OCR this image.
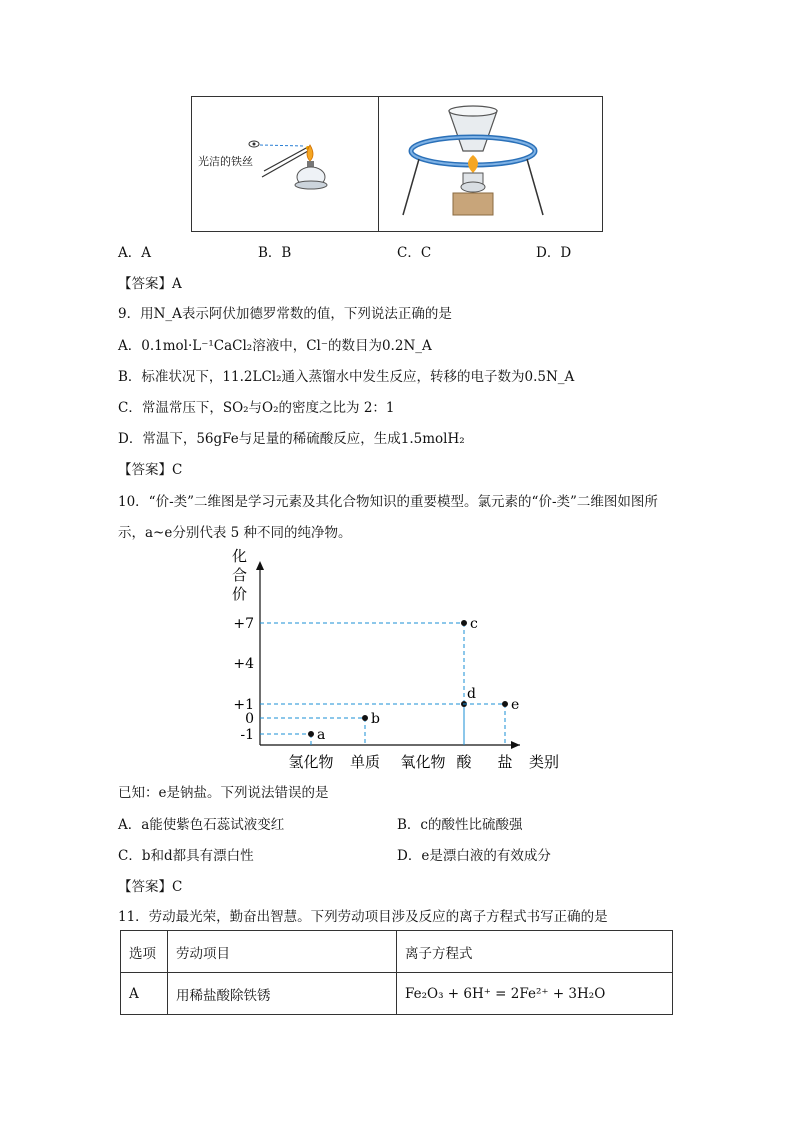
光洁的铁丝
A．A	B．B	C．C	D．D
【答案】A
9．用N_A表示阿伏加德罗常数的值，下列说法正确的是
A．0.1mol·L⁻¹CaCl₂溶液中，Cl⁻的数目为0.2N_A
B．标准状况下，11.2LCl₂通入蒸馏水中发生反应，转移的电子数为0.5N_A
C．常温常压下，SO₂与O₂的密度之比为 2：1
D．常温下，56gFe与足量的稀硫酸反应，生成1.5molH₂
【答案】C
10．“价-类”二维图是学习元素及其化合物知识的重要模型。氯元素的“价-类”二维图如图所
示，a~e分别代表 5 种不同的纯净物。
化合价
类别
+7
+4
+1
0
-1
氢化物 单质 氧化物 酸 盐
a
b
c
d
e
已知：e是钠盐。下列说法错误的是
A．a能使紫色石蕊试液变红	B．c的酸性比硫酸强
C．b和d都具有漂白性	D．e是漂白液的有效成分
【答案】C
11．劳动最光荣，勤奋出智慧。下列劳动项目涉及反应的离子方程式书写正确的是
选项	劳动项目	离子方程式
A	用稀盐酸除铁锈	Fe₂O₃ + 6H⁺ = 2Fe²⁺ + 3H₂O
